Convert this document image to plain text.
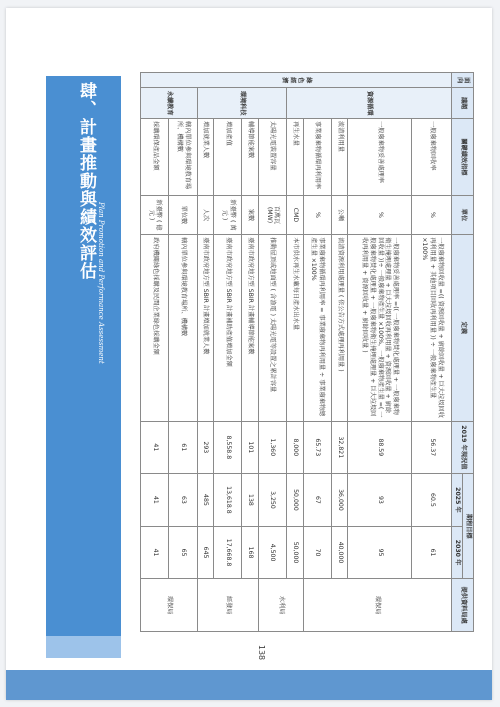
肆、計畫推動與績效評估
Plan Promotion and Performance Assessment
面向	議題	關鍵績效指標	單位	定義	2019 年現況值	期程目標		提供資料局處
						2025 年	2030 年	
綠色經濟	資源循環	一般廢棄物回收率	%	一般廢棄物回收量 =(( 資源回收量 + 廚餘回收量 + 巨大垃圾回收再利用量 + 其他項目回收再利用量 )) ÷ 一般廢棄物產生量 ×100%	56.37	60.5	61	環保局
		一般廢棄物妥善處理率	%	一般廢棄物妥善處理率 =(( 一般廢棄物焚化處理量 + 一般廢棄物衛生掩埋處理量 + 巨大垃圾回收再利用量 + 資源回收量 + 廚餘回收量 ))÷ 一般廢棄物產生量 ×100%，一般廢棄物產生量 =( 一般廢棄物焚化處理量 + 一般廢棄物衛生掩埋處理量 + 巨大垃圾回收再利用量 + 資源回收量 + 廚餘回收量 )	88.59	93	95	
		流渣利用量	公噸	流渣資源利用處理量 ( 依公告方式處理再利用量 )	32,821	36,000	40,000	
		事業廢棄物循環再利用率	%	事業廢棄物循環再利用率 = 事業廢棄物再利用量 ÷ 事業廢棄物總產生量 ×100%	65.73	67	70	
		再生水量	CMD	本市供水再生水廠每日產水出水量	8,000	50,000	50,000	水利局
	環境科技	太陽光電裝置容量	百萬瓦(MW)	推動屋頂或地面型 ( 含漁電 ) 太陽光電等設置之累計容量	1,360	3,250	4,500	
		輔導節能案數	案數	臺南市政府地方型 SBIR 計畫輔導節能案數	101	138	168	經發局
		增加產值	新臺幣 ( 萬元 )	臺南市政府地方型 SBIR 計畫補助產值增加金額	8,558.8	13,618.8	17,668.8	
		增加就業人數	人次	臺南市政府地方型 SBIR 計畫增加就業人數	293	485	645	
	永續教育	轄內單位參與環境教育場所、機構數	單位數	轄內單位參與環境教育場所、機構數	61	63	65	環保局
		採購環保產品金額	新臺幣 ( 億元 )	政府機關綠色採購及民間企業綠色採購金額	41	41	41	
138
